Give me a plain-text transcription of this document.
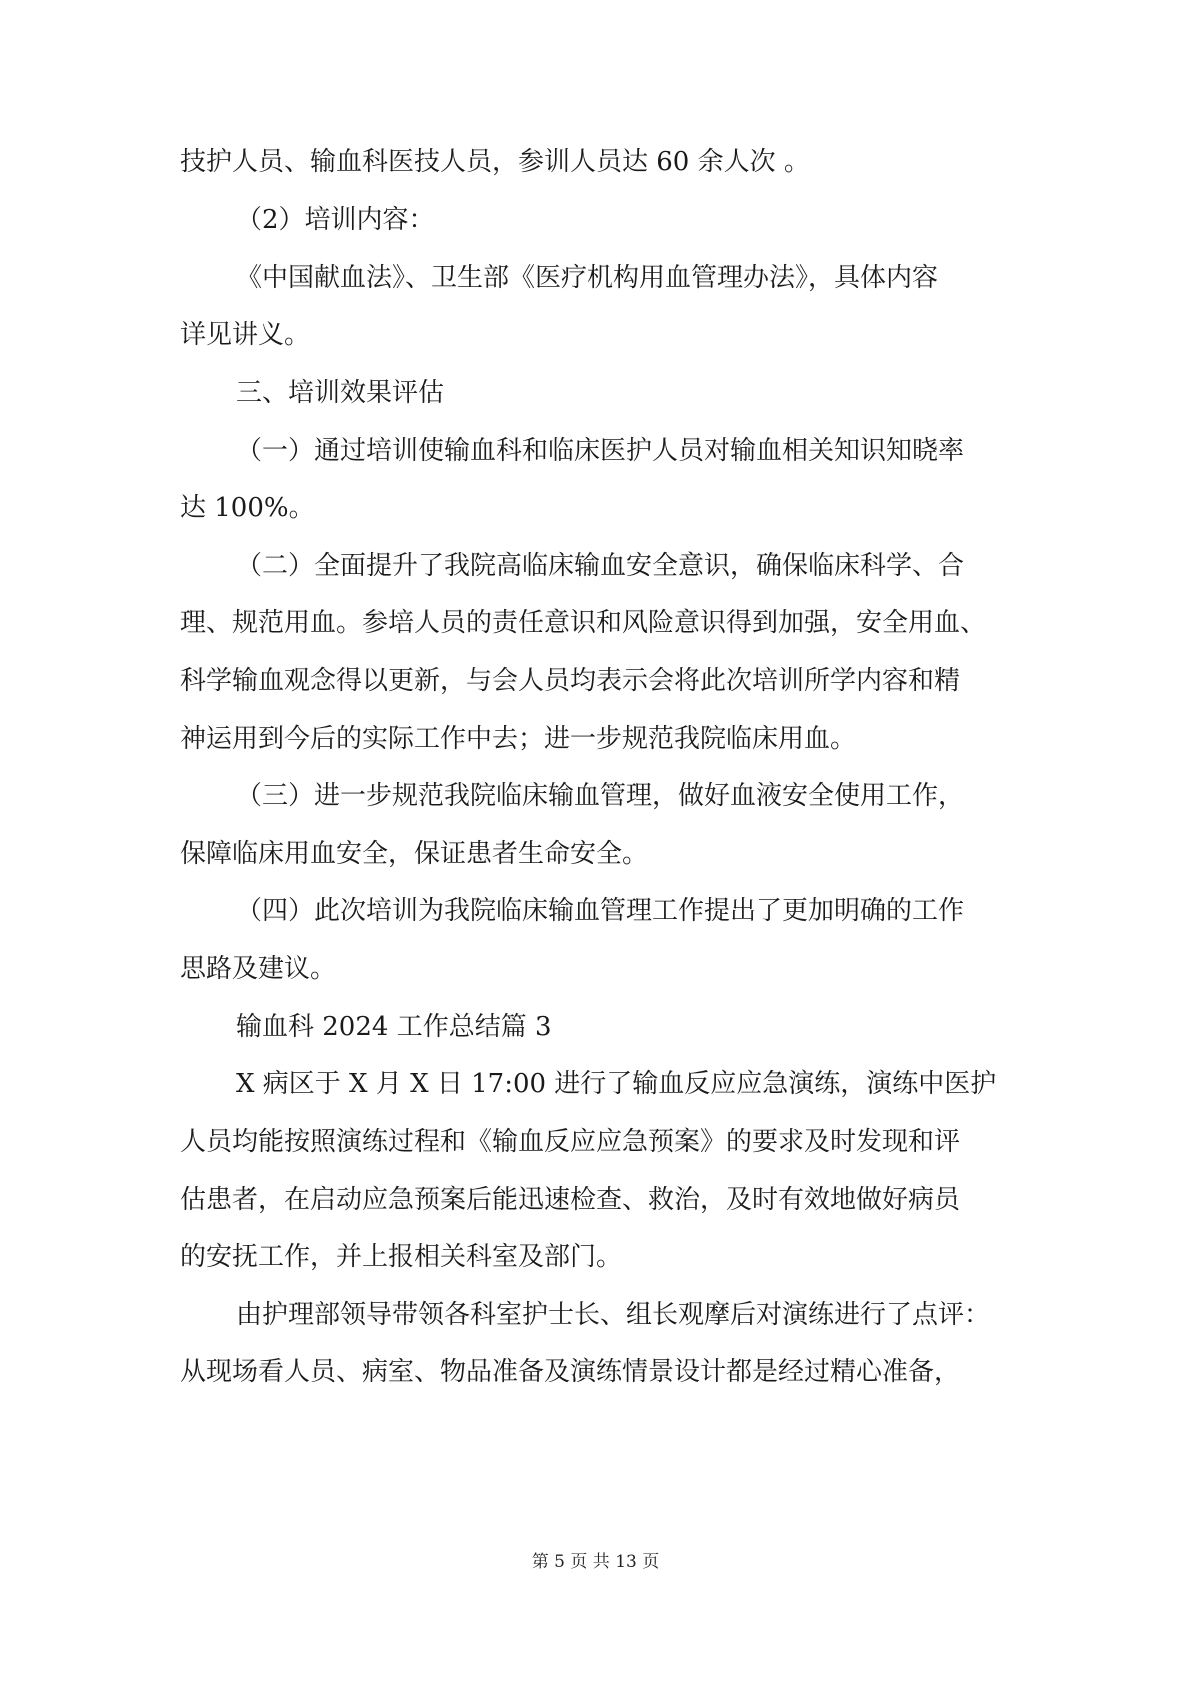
技护人员、输血科医技人员，参训人员达 60 余人次 。
（2）培训内容：
《中国献血法》、卫生部《医疗机构用血管理办法》，具体内容
详见讲义。
三、培训效果评估
（一）通过培训使输血科和临床医护人员对输血相关知识知晓率
达 100%。
（二）全面提升了我院高临床输血安全意识，确保临床科学、合
理、规范用血。参培人员的责任意识和风险意识得到加强，安全用血、
科学输血观念得以更新，与会人员均表示会将此次培训所学内容和精
神运用到今后的实际工作中去；进一步规范我院临床用血。
（三）进一步规范我院临床输血管理，做好血液安全使用工作，
保障临床用血安全，保证患者生命安全。
（四）此次培训为我院临床输血管理工作提出了更加明确的工作
思路及建议。
输血科 2024 工作总结篇 3
X 病区于 X 月 X 日 17:00 进行了输血反应应急演练，演练中医护
人员均能按照演练过程和《输血反应应急预案》的要求及时发现和评
估患者，在启动应急预案后能迅速检查、救治，及时有效地做好病员
的安抚工作，并上报相关科室及部门。
由护理部领导带领各科室护士长、组长观摩后对演练进行了点评：
从现场看人员、病室、物品准备及演练情景设计都是经过精心准备，
第 5 页 共 13 页
